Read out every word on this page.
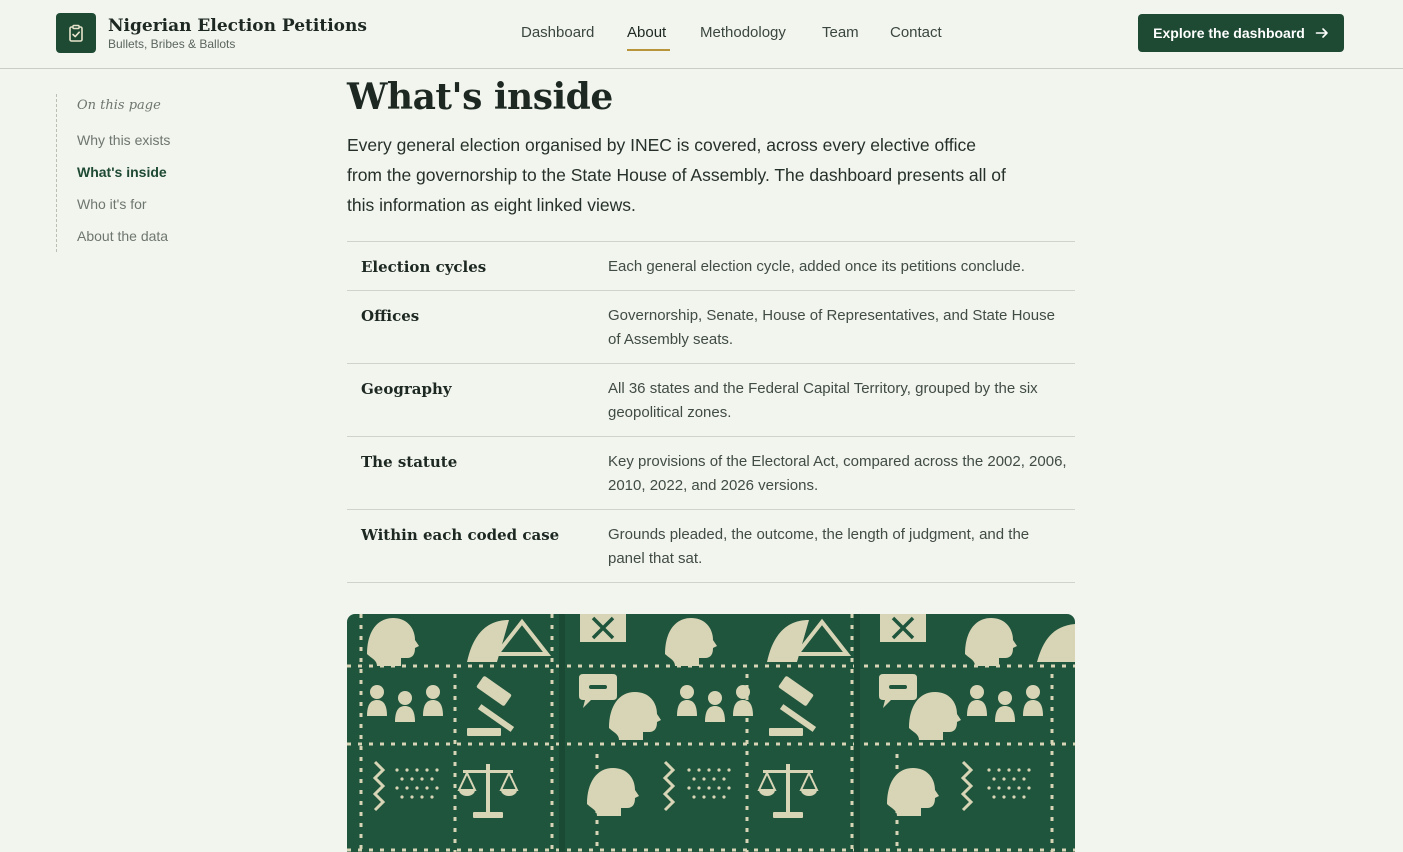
Nigerian Election Petitions
Bullets, Bribes & Ballots
Dashboard About Methodology Team Contact	Explore the dashboard
On this page
Why this exists
What's inside
Who it's for
About the data
What's inside

Every general election organised by INEC is covered, across every elective office from the governorship to the State House of Assembly. The dashboard presents all of this information as eight linked views.

Election cycles	Each general election cycle, added once its petitions conclude.
Offices	Governorship, Senate, House of Representatives, and State House of Assembly seats.
Geography	All 36 states and the Federal Capital Territory, grouped by the six geopolitical zones.
The statute	Key provisions of the Electoral Act, compared across the 2002, 2006, 2010, 2022, and 2026 versions.
Within each coded case	Grounds pleaded, the outcome, the length of judgment, and the panel that sat.
